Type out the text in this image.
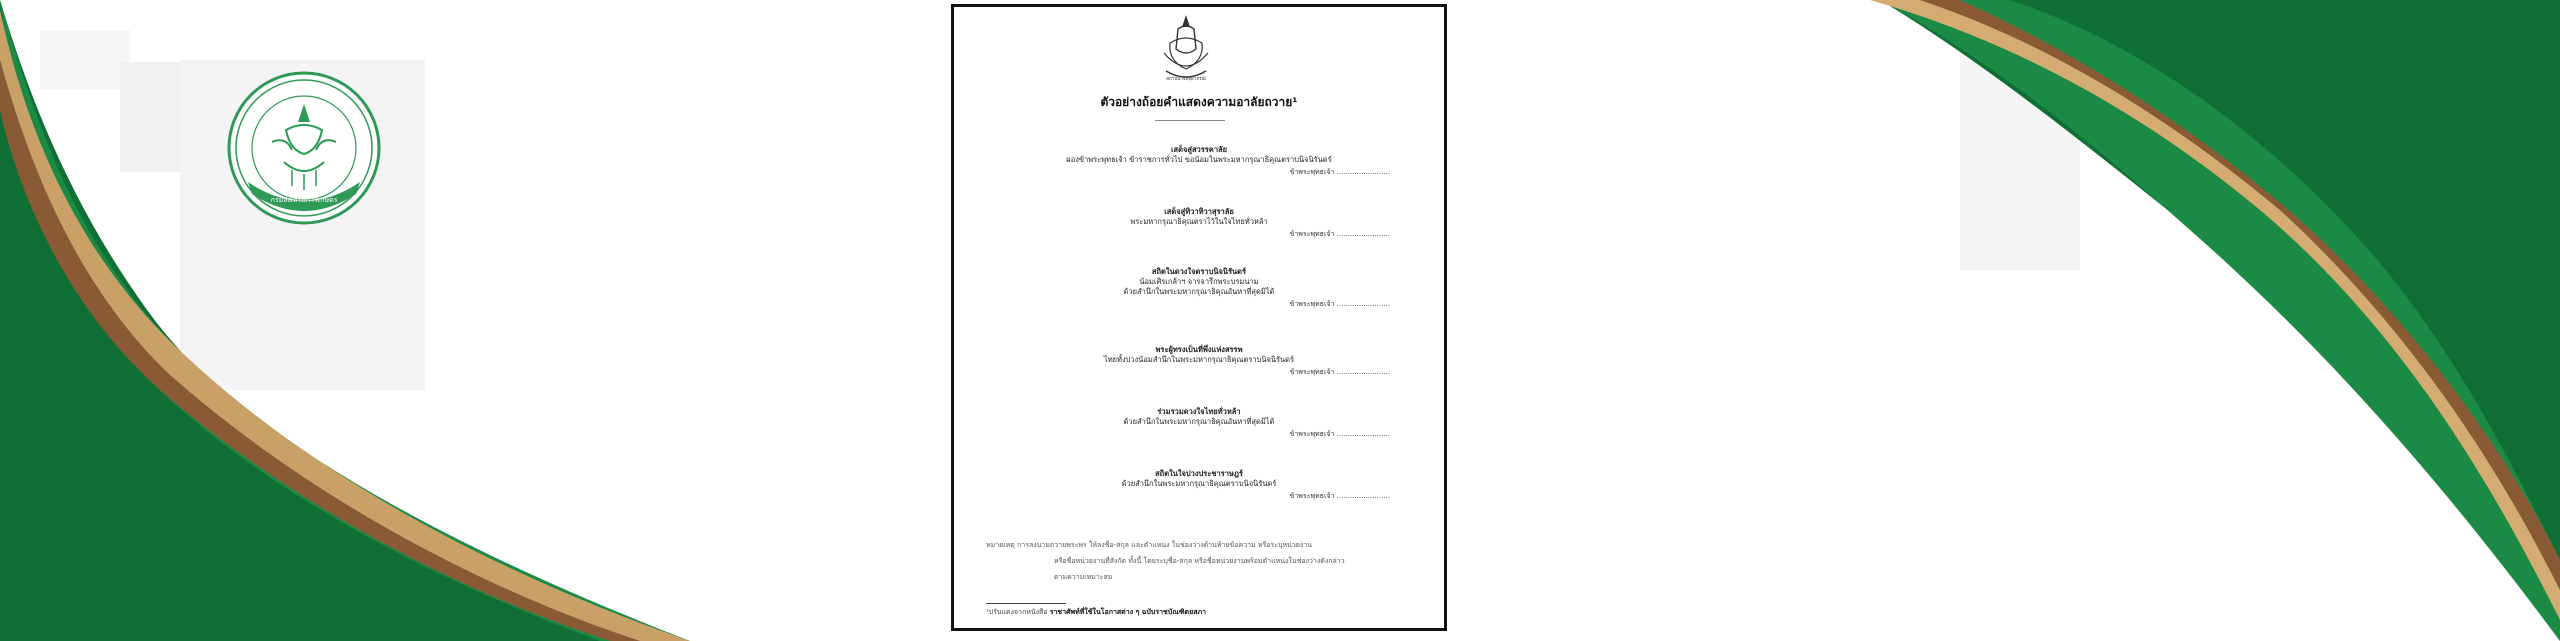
กรมส่งเสริมการเกษตร
สถาบันวิจัยจุฬาภรณ์
ตัวอย่างถ้อยคำแสดงความอาลัยถวาย¹
เสด็จสู่สวรรคาลัย
ผองข้าพระพุทธเจ้า ข้าราชการทั่วไป ขอน้อมในพระมหากรุณาธิคุณตราบนิจนิรันดร์
ข้าพระพุทธเจ้า ........................
เสด็จสู่ทิวาทิวาสุราลัย
พระมหากรุณาธิคุณตราไว้ในใจไทยทั่วหล้า
ข้าพระพุทธเจ้า ........................
สถิตในดวงใจตราบนิจนิรันดร์
น้อมเศิรเกล้าฯ จารจารึกพระบรมนาม
ด้วยสำนึกในพระมหากรุณาธิคุณอันหาที่สุดมิได้
ข้าพระพุทธเจ้า ........................
พระผู้ทรงเป็นที่พึ่งแห่งสรรพ
ไทยทั้งปวงน้อมสำนึกในพระมหากรุณาธิคุณตราบนิจนิรันดร์
ข้าพระพุทธเจ้า ........................
ร่วมรวมดวงใจไทยทั่วหล้า
ด้วยสำนึกในพระมหากรุณาธิคุณอันหาที่สุดมิได้
ข้าพระพุทธเจ้า ........................
สถิตในใจปวงประชาราษฎร์
ด้วยสำนึกในพระมหากรุณาธิคุณตราบนิจนิรันดร์
ข้าพระพุทธเจ้า ........................
หมายเหตุ การลงนามถวายพระพร ให้ลงชื่อ-สกุล และตำแหน่ง ในช่องว่างด้านท้ายข้อความ หรือระบุหน่วยงาน
หรือชื่อหน่วยงานที่สังกัด ทั้งนี้ โดยระบุชื่อ-สกุล หรือชื่อหน่วยงานพร้อมตำแหน่งในช่องว่างดังกล่าว
ตามความเหมาะสม
¹ปรับแต่งจากหนังสือ ราชาศัพท์ที่ใช้ในโอกาสต่าง ๆ ฉบับราชบัณฑิตยสภา
